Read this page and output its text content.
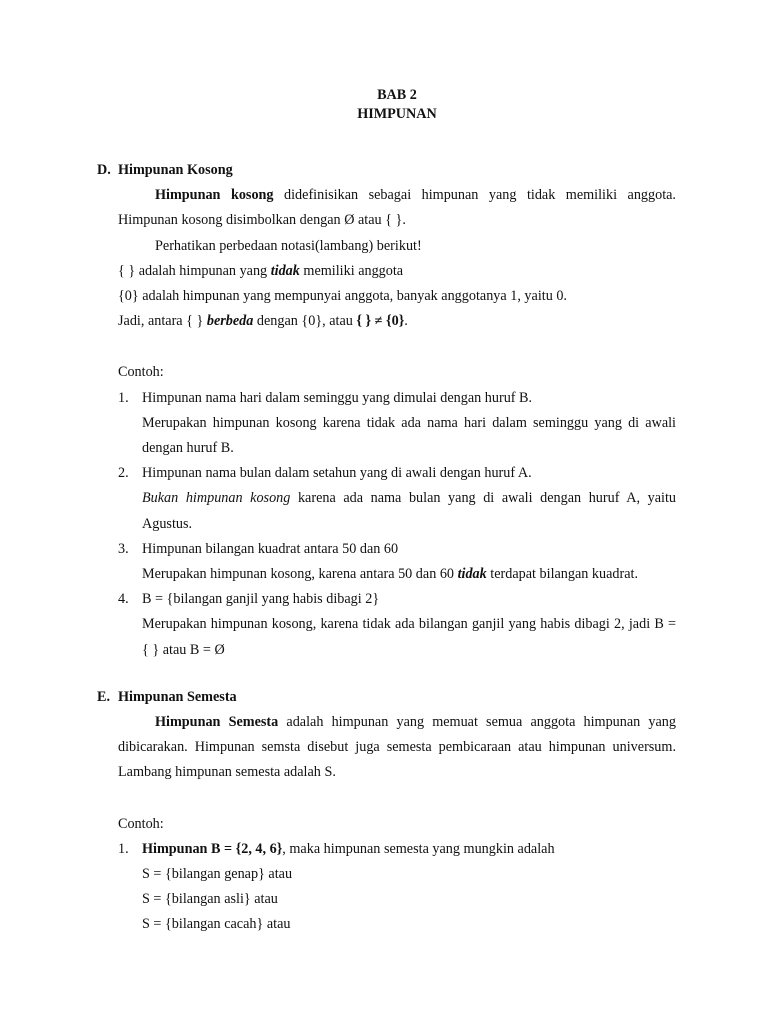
BAB 2
HIMPUNAN
D. Himpunan Kosong
Himpunan kosong didefinisikan sebagai himpunan yang tidak memiliki anggota. Himpunan kosong disimbolkan dengan Ø atau { }.
Perhatikan perbedaan notasi(lambang) berikut!
{ } adalah himpunan yang tidak memiliki anggota
{0} adalah himpunan yang mempunyai anggota, banyak anggotanya 1, yaitu 0.
Jadi, antara { } berbeda dengan {0}, atau { } ≠ {0}.
Contoh:
1. Himpunan nama hari dalam seminggu yang dimulai dengan huruf B.
Merupakan himpunan kosong karena tidak ada nama hari dalam seminggu yang di awali dengan huruf B.
2. Himpunan nama bulan dalam setahun yang di awali dengan huruf A.
Bukan himpunan kosong karena ada nama bulan yang di awali dengan huruf A, yaitu Agustus.
3. Himpunan bilangan kuadrat antara 50 dan 60
Merupakan himpunan kosong, karena antara 50 dan 60 tidak terdapat bilangan kuadrat.
4. B = {bilangan ganjil yang habis dibagi 2}
Merupakan himpunan kosong, karena tidak ada bilangan ganjil yang habis dibagi 2, jadi B = { } atau B = Ø
E. Himpunan Semesta
Himpunan Semesta adalah himpunan yang memuat semua anggota himpunan yang dibicarakan. Himpunan semsta disebut juga semesta pembicaraan atau himpunan universum. Lambang himpunan semesta adalah S.
Contoh:
1. Himpunan B = {2, 4, 6}, maka himpunan semesta yang mungkin adalah
S = {bilangan genap} atau
S = {bilangan asli} atau
S = {bilangan cacah} atau
